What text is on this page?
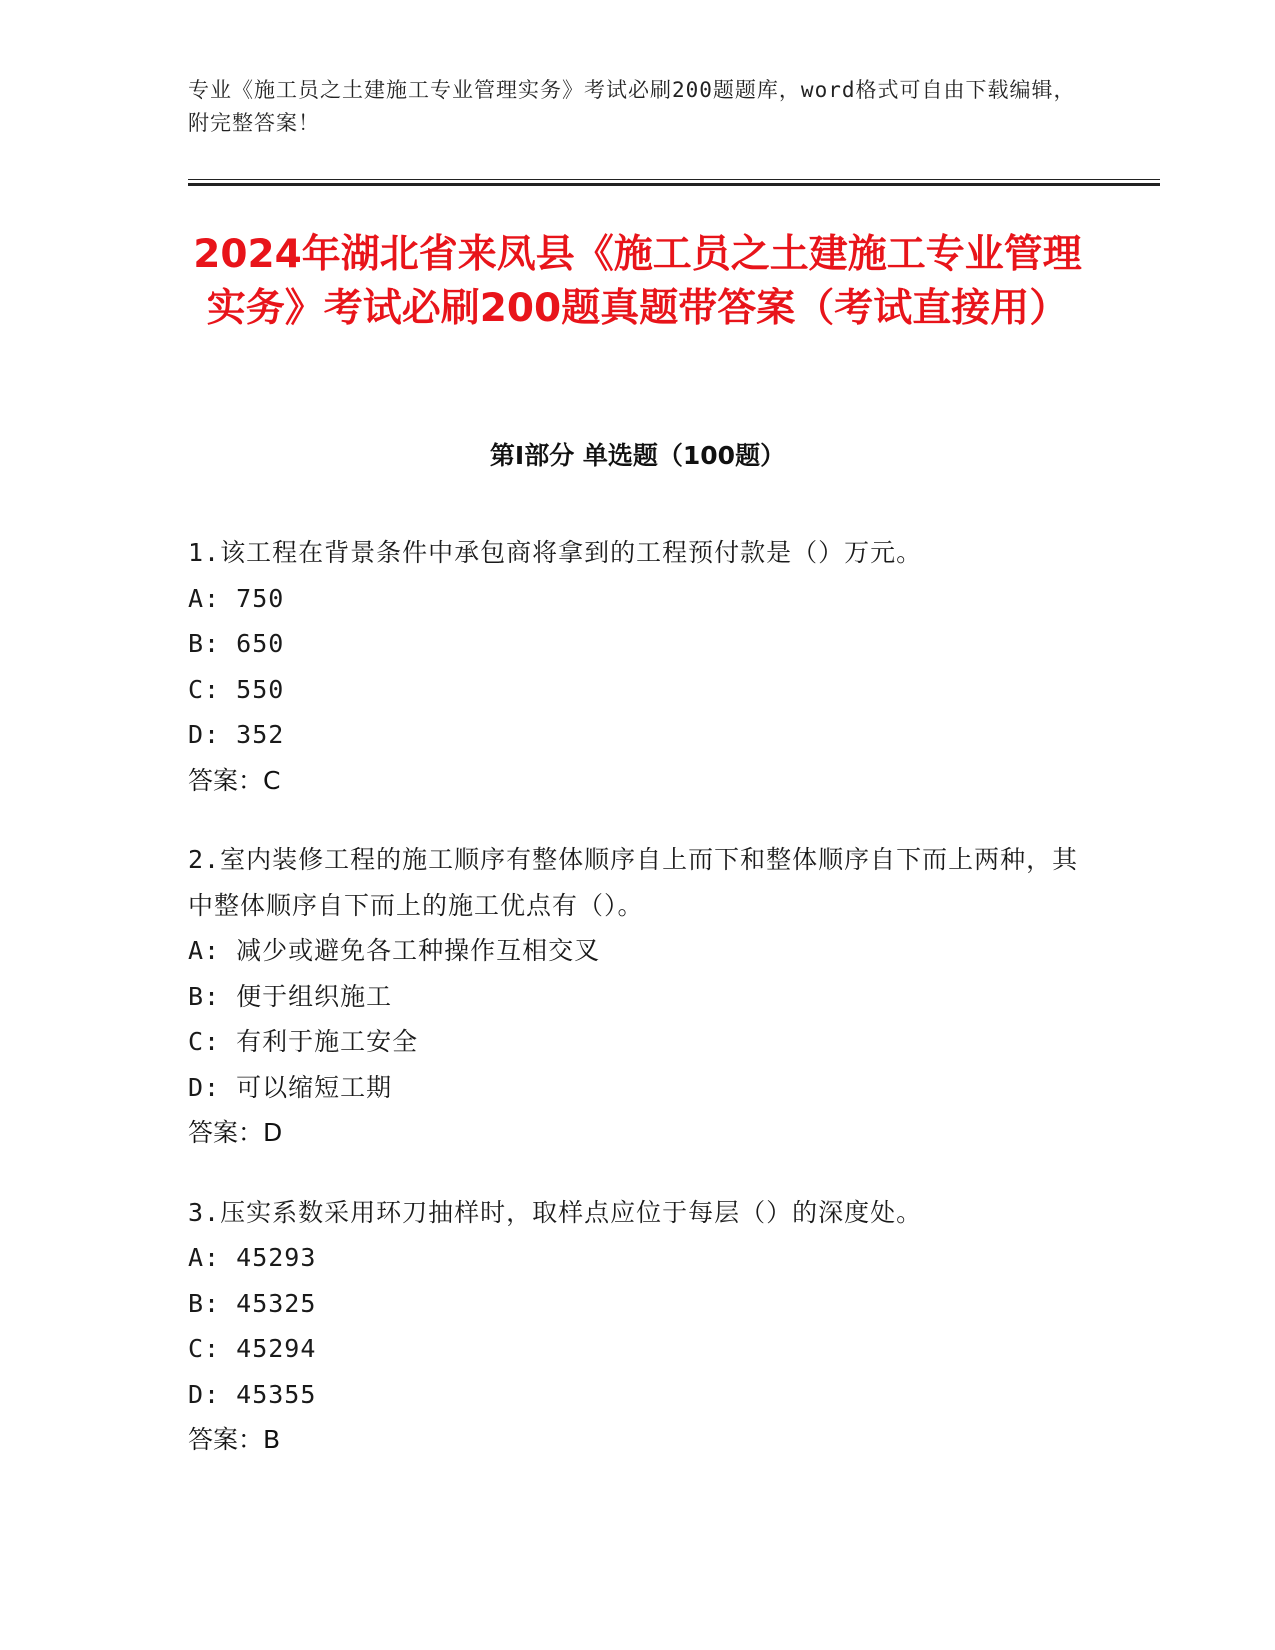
专业《施工员之土建施工专业管理实务》考试必刷200题题库，word格式可自由下载编辑，附完整答案！
2024年湖北省来凤县《施工员之土建施工专业管理实务》考试必刷200题真题带答案（考试直接用）
第Ⅰ部分 单选题（100题）

1.该工程在背景条件中承包商将拿到的工程预付款是（）万元。

A: 750

B: 650

C: 550

D: 352

答案：C

2.室内装修工程的施工顺序有整体顺序自上而下和整体顺序自下而上两种，其中整体顺序自下而上的施工优点有（）。

A: 减少或避免各工种操作互相交叉

B: 便于组织施工

C: 有利于施工安全

D: 可以缩短工期

答案：D

3.压实系数采用环刀抽样时，取样点应位于每层（）的深度处。

A: 45293

B: 45325

C: 45294

D: 45355

答案：B
